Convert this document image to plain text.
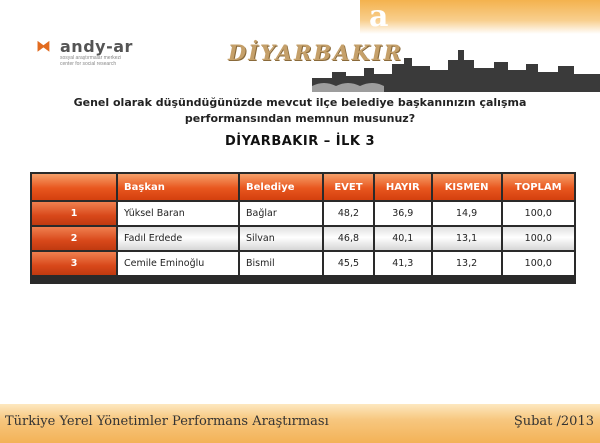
a
⧓ andy-ar
sosyal araştırmalar merkezi
center for social research	DİYARBAKIR
Genel olarak düşündüğünüzde mevcut ilçe belediye başkanınızın çalışma
performansından memnun musunuz?
DİYARBAKIR – İLK 3
	Başkan	Belediye	EVET	HAYIR	KISMEN	TOPLAM
1	Yüksel Baran	Bağlar	48,2	36,9	14,9	100,0
2	Fadıl Erdede	Silvan	46,8	40,1	13,1	100,0
3	Cemile Eminoğlu	Bismil	45,5	41,3	13,2	100,0
Türkiye Yerel Yönetimler Performans Araştırması	Şubat /2013
